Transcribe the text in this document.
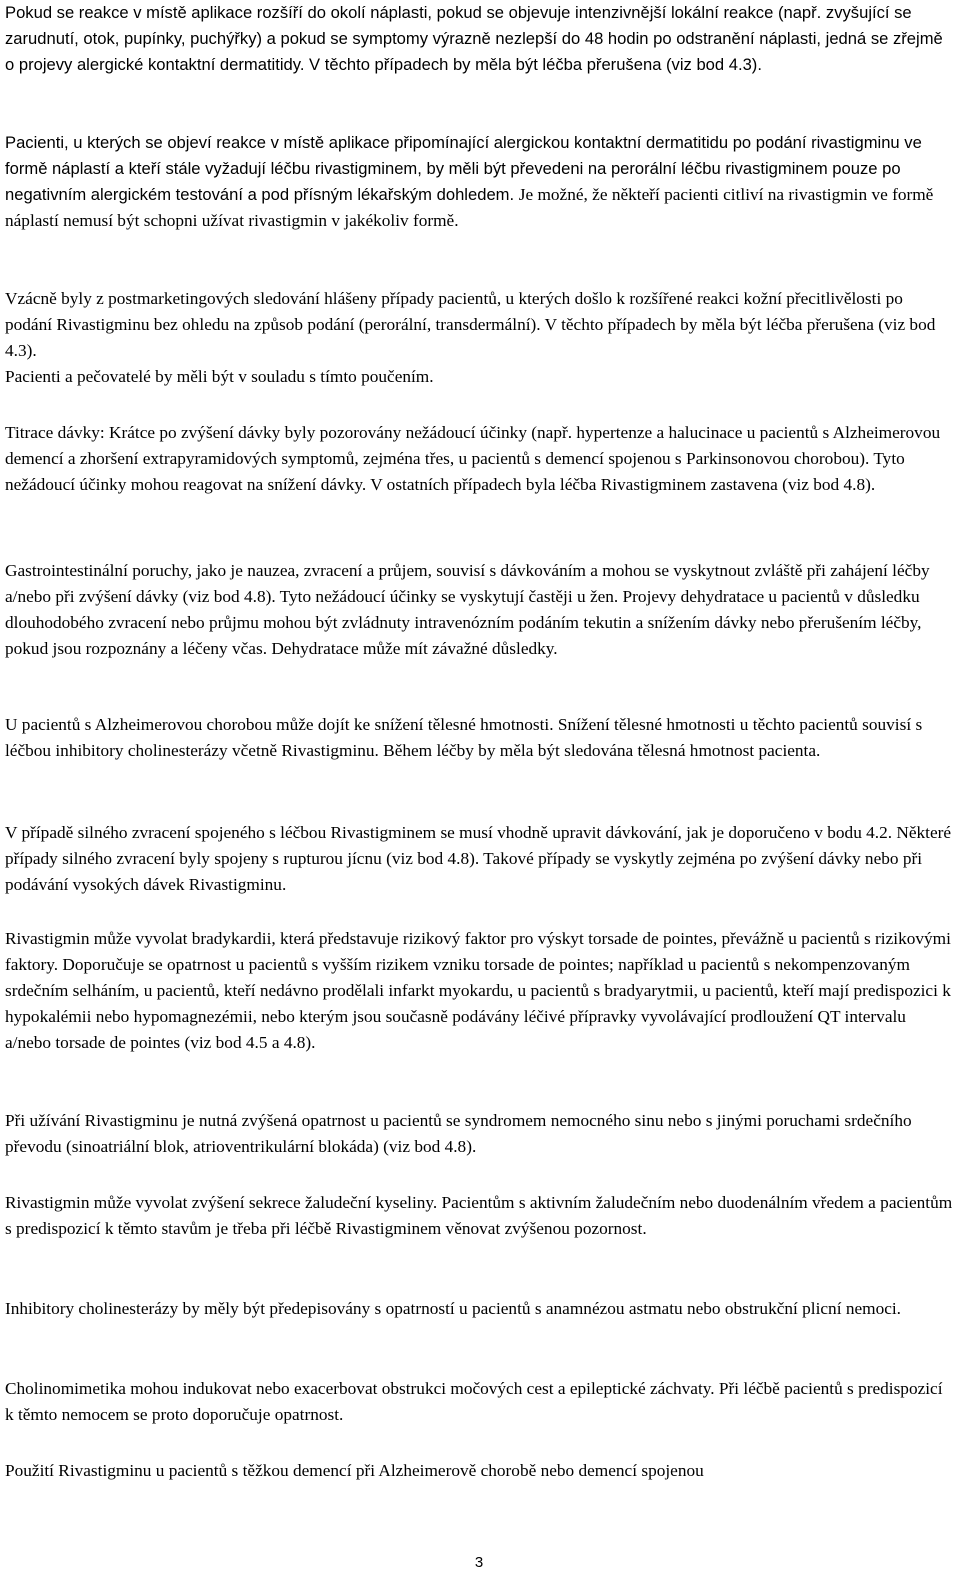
Pokud se reakce v místě aplikace rozšíří do okolí náplasti, pokud se objevuje intenzivnější lokální reakce (např. zvyšující se zarudnutí, otok, pupínky, puchýřky) a pokud se symptomy výrazně nezlepší do 48 hodin po odstranění náplasti, jedná se zřejmě o projevy alergické kontaktní dermatitidy. V těchto případech by měla být léčba přerušena (viz bod 4.3).

Pacienti, u kterých se objeví reakce v místě aplikace připomínající alergickou kontaktní dermatitidu po podání rivastigminu ve formě náplastí a kteří stále vyžadují léčbu rivastigminem, by měli být převedeni na perorální léčbu rivastigminem pouze po negativním alergickém testování a pod přísným lékařským dohledem. Je možné, že někteří pacienti citliví na rivastigmin ve formě náplastí nemusí být schopni užívat rivastigmin v jakékoliv formě.

Vzácně byly z postmarketingových sledování hlášeny případy pacientů, u kterých došlo k rozšířené reakci kožní přecitlivělosti po podání Rivastigminu bez ohledu na způsob podání (perorální, transdermální). V těchto případech by měla být léčba přerušena (viz bod 4.3).
Pacienti a pečovatelé by měli být v souladu s tímto poučením.

Titrace dávky: Krátce po zvýšení dávky byly pozorovány nežádoucí účinky (např. hypertenze a halucinace u pacientů s Alzheimerovou demencí a zhoršení extrapyramidových symptomů, zejména třes, u pacientů s demencí spojenou s Parkinsonovou chorobou). Tyto nežádoucí účinky mohou reagovat na snížení dávky. V ostatních případech byla léčba Rivastigminem zastavena (viz bod 4.8).

Gastrointestinální poruchy, jako je nauzea, zvracení a průjem, souvisí s dávkováním a mohou se vyskytnout zvláště při zahájení léčby a/nebo při zvýšení dávky (viz bod 4.8). Tyto nežádoucí účinky se vyskytují častěji u žen. Projevy dehydratace u pacientů v důsledku dlouhodobého zvracení nebo průjmu mohou být zvládnuty intravenózním podáním tekutin a snížením dávky nebo přerušením léčby, pokud jsou rozpoznány a léčeny včas. Dehydratace může mít závažné důsledky.

U pacientů s Alzheimerovou chorobou může dojít ke snížení tělesné hmotnosti. Snížení tělesné hmotnosti u těchto pacientů souvisí s léčbou inhibitory cholinesterázy včetně Rivastigminu. Během léčby by měla být sledována tělesná hmotnost pacienta.

V případě silného zvracení spojeného s léčbou Rivastigminem se musí vhodně upravit dávkování, jak je doporučeno v bodu 4.2. Některé případy silného zvracení byly spojeny s rupturou jícnu (viz bod 4.8). Takové případy se vyskytly zejména po zvýšení dávky nebo při podávání vysokých dávek Rivastigminu.

Rivastigmin může vyvolat bradykardii, která představuje rizikový faktor pro výskyt torsade de pointes, převážně u pacientů s rizikovými faktory. Doporučuje se opatrnost u pacientů s vyšším rizikem vzniku torsade de pointes; například u pacientů s nekompenzovaným srdečním selháním, u pacientů, kteří nedávno prodělali infarkt myokardu, u pacientů s bradyarytmii, u pacientů, kteří mají predispozici k hypokalémii nebo hypomagnezémii, nebo kterým jsou současně podávány léčivé přípravky vyvolávající prodloužení QT intervalu a/nebo torsade de pointes (viz bod 4.5 a 4.8).

Při užívání Rivastigminu je nutná zvýšená opatrnost u pacientů se syndromem nemocného sinu nebo s jinými poruchami srdečního převodu (sinoatriální blok, atrioventrikulární blokáda) (viz bod 4.8).

Rivastigmin může vyvolat zvýšení sekrece žaludeční kyseliny. Pacientům s aktivním žaludečním nebo duodenálním vředem a pacientům s predispozicí k těmto stavům je třeba při léčbě Rivastigminem věnovat zvýšenou pozornost.

Inhibitory cholinesterázy by měly být předepisovány s opatrností u pacientů s anamnézou astmatu nebo obstrukční plicní nemoci.

Cholinomimetika mohou indukovat nebo exacerbovat obstrukci močových cest a epileptické záchvaty. Při léčbě pacientů s predispozicí k těmto nemocem se proto doporučuje opatrnost.

Použití Rivastigminu u pacientů s těžkou demencí při Alzheimerově chorobě nebo demencí spojenou

3
